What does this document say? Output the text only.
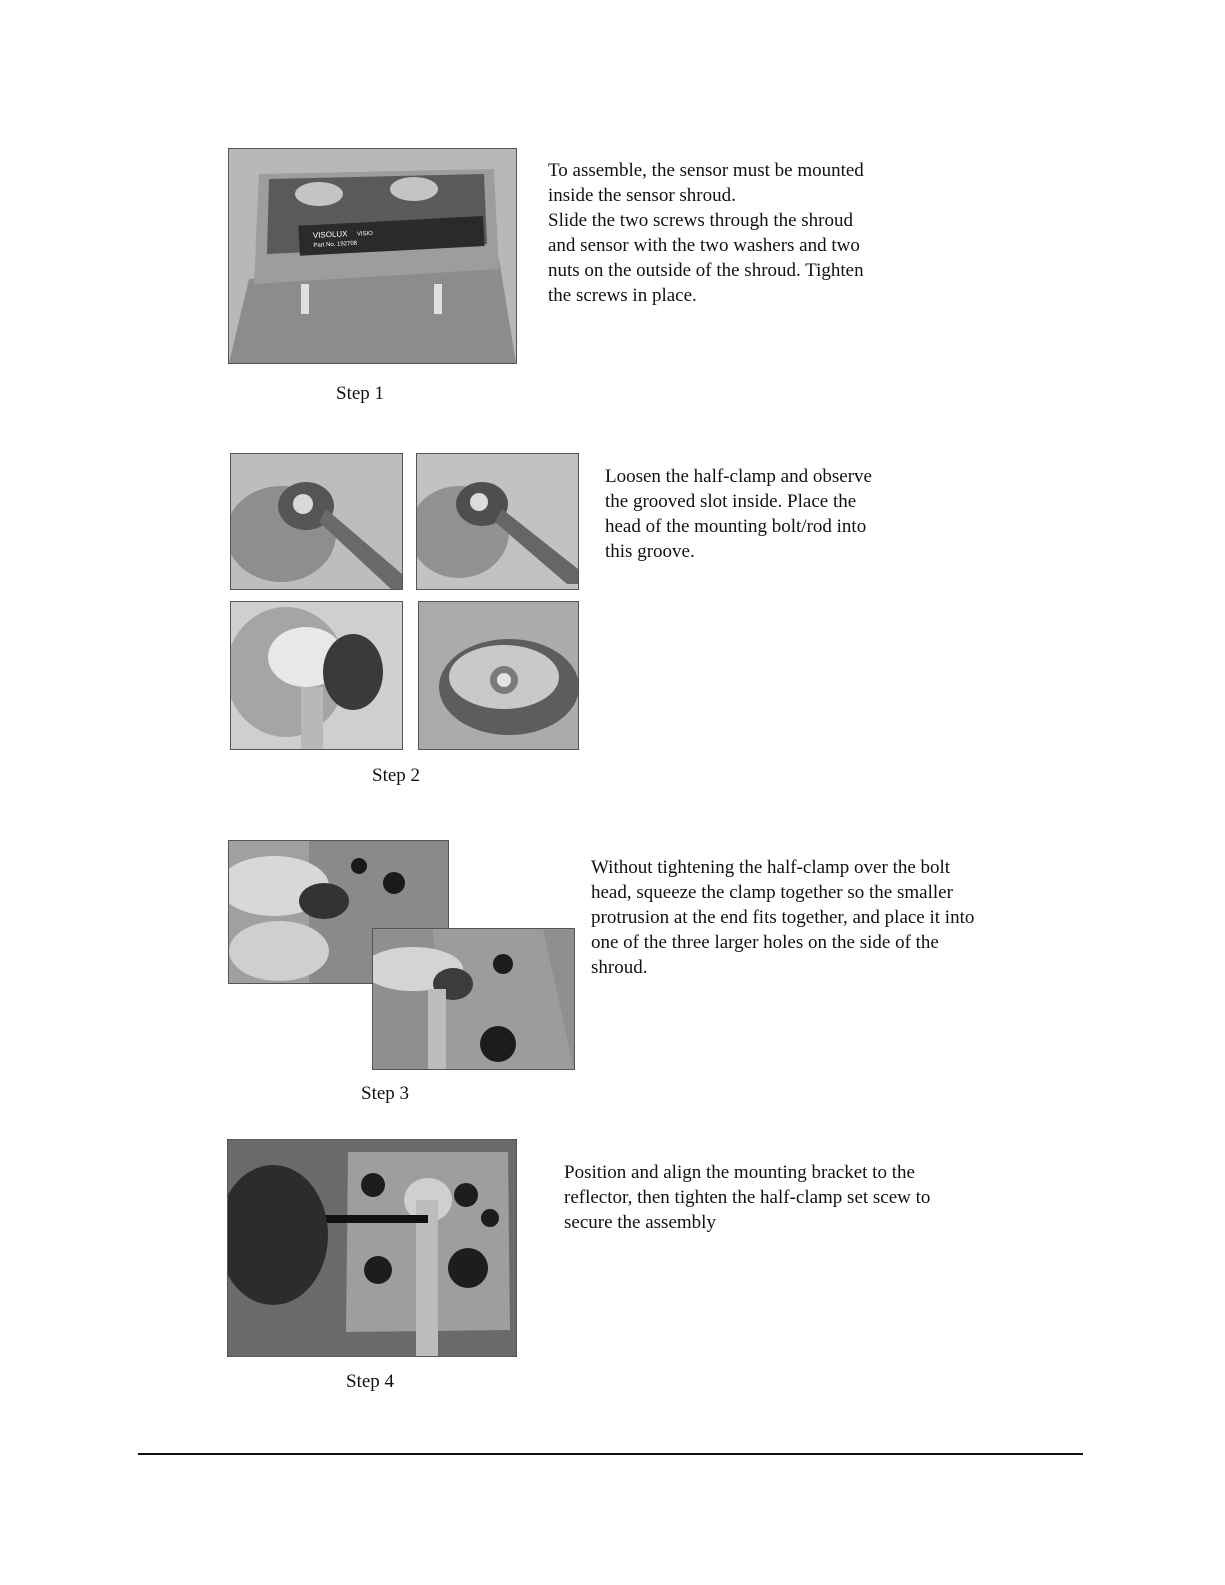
VISOLUX VISIO
Part No. 192708

To assemble, the sensor must be mounted
inside the sensor shroud.
Slide the two screws through the shroud
and sensor with the two washers and two
nuts on the outside of the shroud. Tighten
the screws in place.

Step 1

Loosen the half-clamp and observe
the grooved slot inside. Place the
head of the mounting bolt/rod into
this groove.

Step 2

Without tightening the half-clamp over the bolt
head, squeeze the clamp together so the smaller
protrusion at the end fits together, and place it into
one of the three larger holes on the side of the
shroud.

Step 3

Position and align the mounting bracket to the
reflector, then tighten the half-clamp set scew to
secure the assembly

Step 4
